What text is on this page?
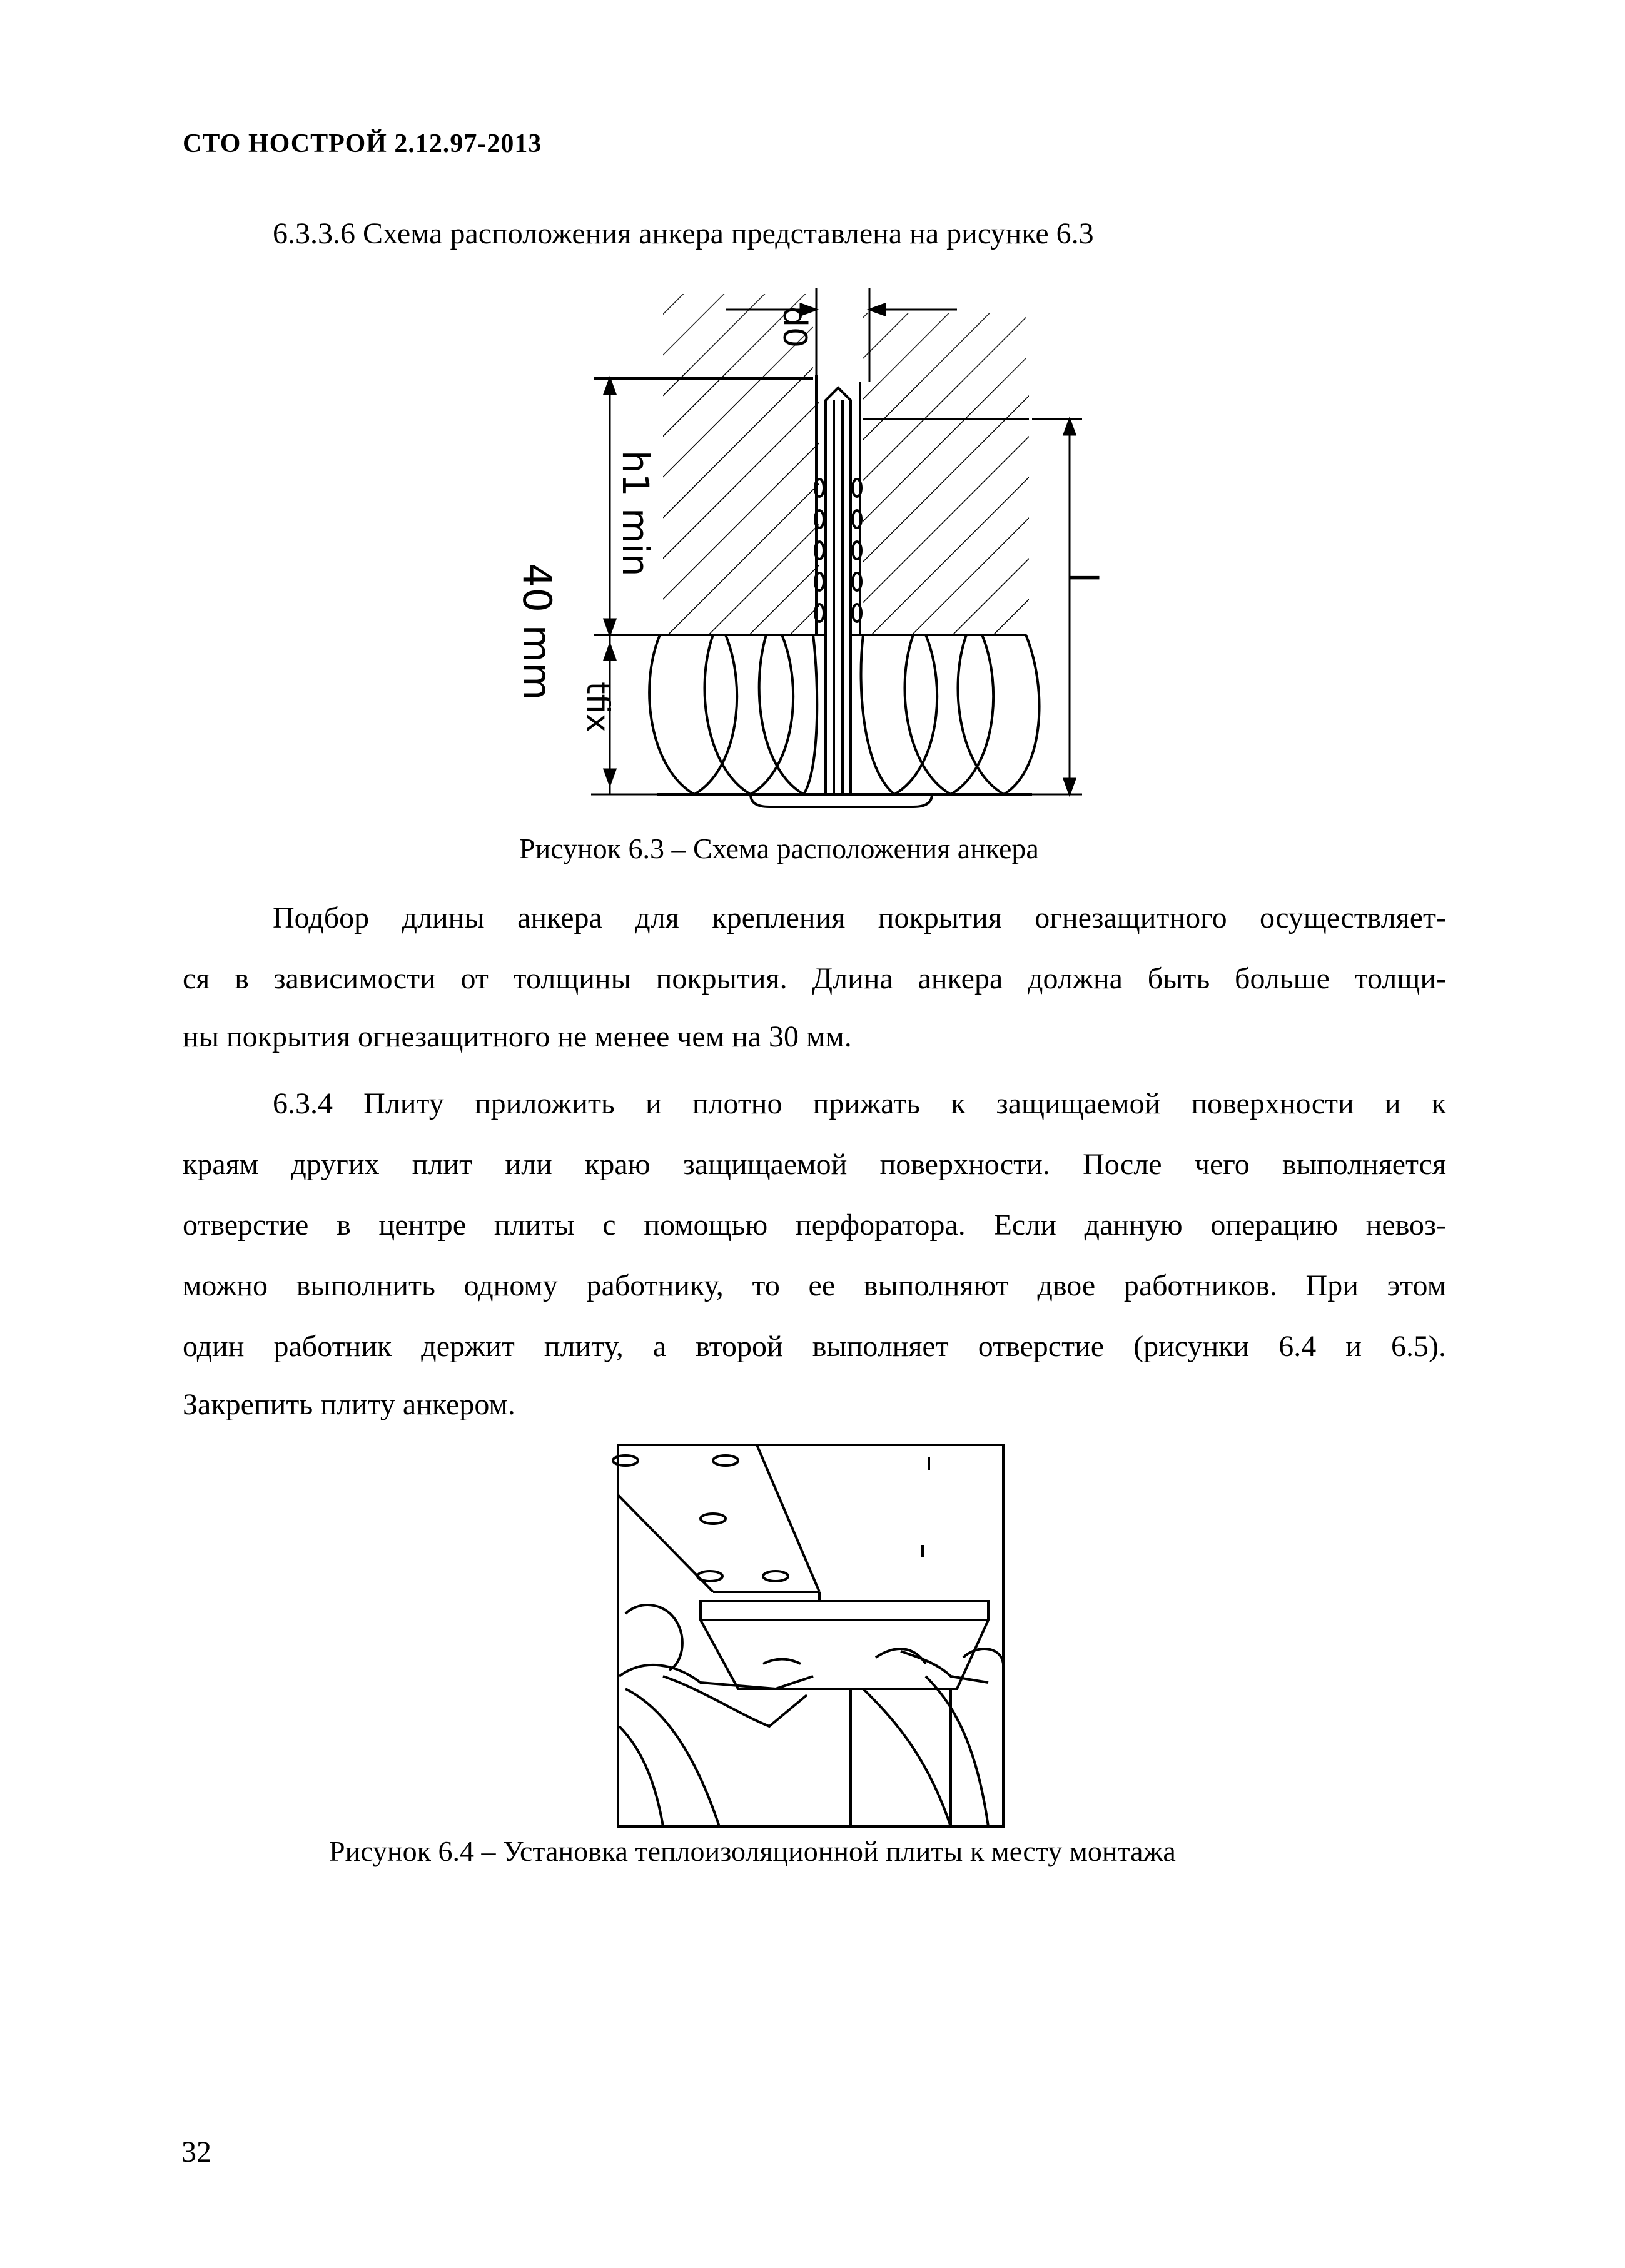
СТО НОСТРОЙ 2.12.97-2013
6.3.3.6 Схема расположения анкера представлена на рисунке 6.3
d0
40 mm
h1 min
l
tfix
Рисунок 6.3 – Схема расположения анкера
Подбор длины анкера для крепления покрытия огнезащитного осуществляет-
ся в зависимости от толщины покрытия. Длина анкера должна быть больше толщи-
ны покрытия огнезащитного не менее чем на 30 мм.
6.3.4 Плиту приложить и плотно прижать к защищаемой поверхности и к
краям других плит или краю защищаемой поверхности. После чего выполняется
отверстие в центре плиты с помощью перфоратора. Если данную операцию невоз-
можно выполнить одному работнику, то ее выполняют двое работников. При этом
один работник держит плиту, а второй выполняет отверстие (рисунки 6.4 и 6.5).
Закрепить плиту анкером.
Рисунок 6.4 – Установка теплоизоляционной плиты к месту монтажа
32
